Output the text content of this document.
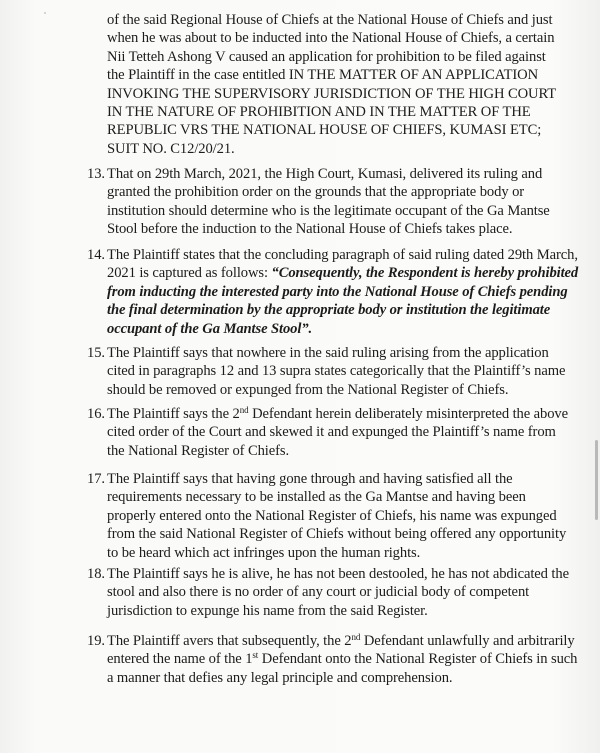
of the said Regional House of Chiefs at the National House of Chiefs and just

when he was about to be inducted into the National House of Chiefs, a certain

Nii Tetteh Ashong V caused an application for prohibition to be filed against

the Plaintiff in the case entitled IN THE MATTER OF AN APPLICATION

INVOKING THE SUPERVISORY JURISDICTION OF THE HIGH COURT

IN THE NATURE OF PROHIBITION AND IN THE MATTER OF THE

REPUBLIC VRS THE NATIONAL HOUSE OF CHIEFS, KUMASI ETC;

SUIT NO. C12/20/21.

13. That on 29th March, 2021, the High Court, Kumasi, delivered its ruling and
granted the prohibition order on the grounds that the appropriate body or
institution should determine who is the legitimate occupant of the Ga Mantse
Stool before the induction to the National House of Chiefs takes place.
14. The Plaintiff states that the concluding paragraph of said ruling dated 29th March,
2021 is captured as follows: “Consequently, the Respondent is hereby prohibited
from inducting the interested party into the National House of Chiefs pending
the final determination by the appropriate body or institution the legitimate
occupant of the Ga Mantse Stool”.
15. The Plaintiff says that nowhere in the said ruling arising from the application
cited in paragraphs 12 and 13 supra states categorically that the Plaintiff’s name
should be removed or expunged from the National Register of Chiefs.
16. The Plaintiff says the 2nd Defendant herein deliberately misinterpreted the above
cited order of the Court and skewed it and expunged the Plaintiff’s name from
the National Register of Chiefs.
17. The Plaintiff says that having gone through and having satisfied all the
requirements necessary to be installed as the Ga Mantse and having been
properly entered onto the National Register of Chiefs, his name was expunged
from the said National Register of Chiefs without being offered any opportunity
to be heard which act infringes upon the human rights.
18. The Plaintiff says he is alive, he has not been destooled, he has not abdicated the
stool and also there is no order of any court or judicial body of competent
jurisdiction to expunge his name from the said Register.
19. The Plaintiff avers that subsequently, the 2nd Defendant unlawfully and arbitrarily
entered the name of the 1st Defendant onto the National Register of Chiefs in such
a manner that defies any legal principle and comprehension.
